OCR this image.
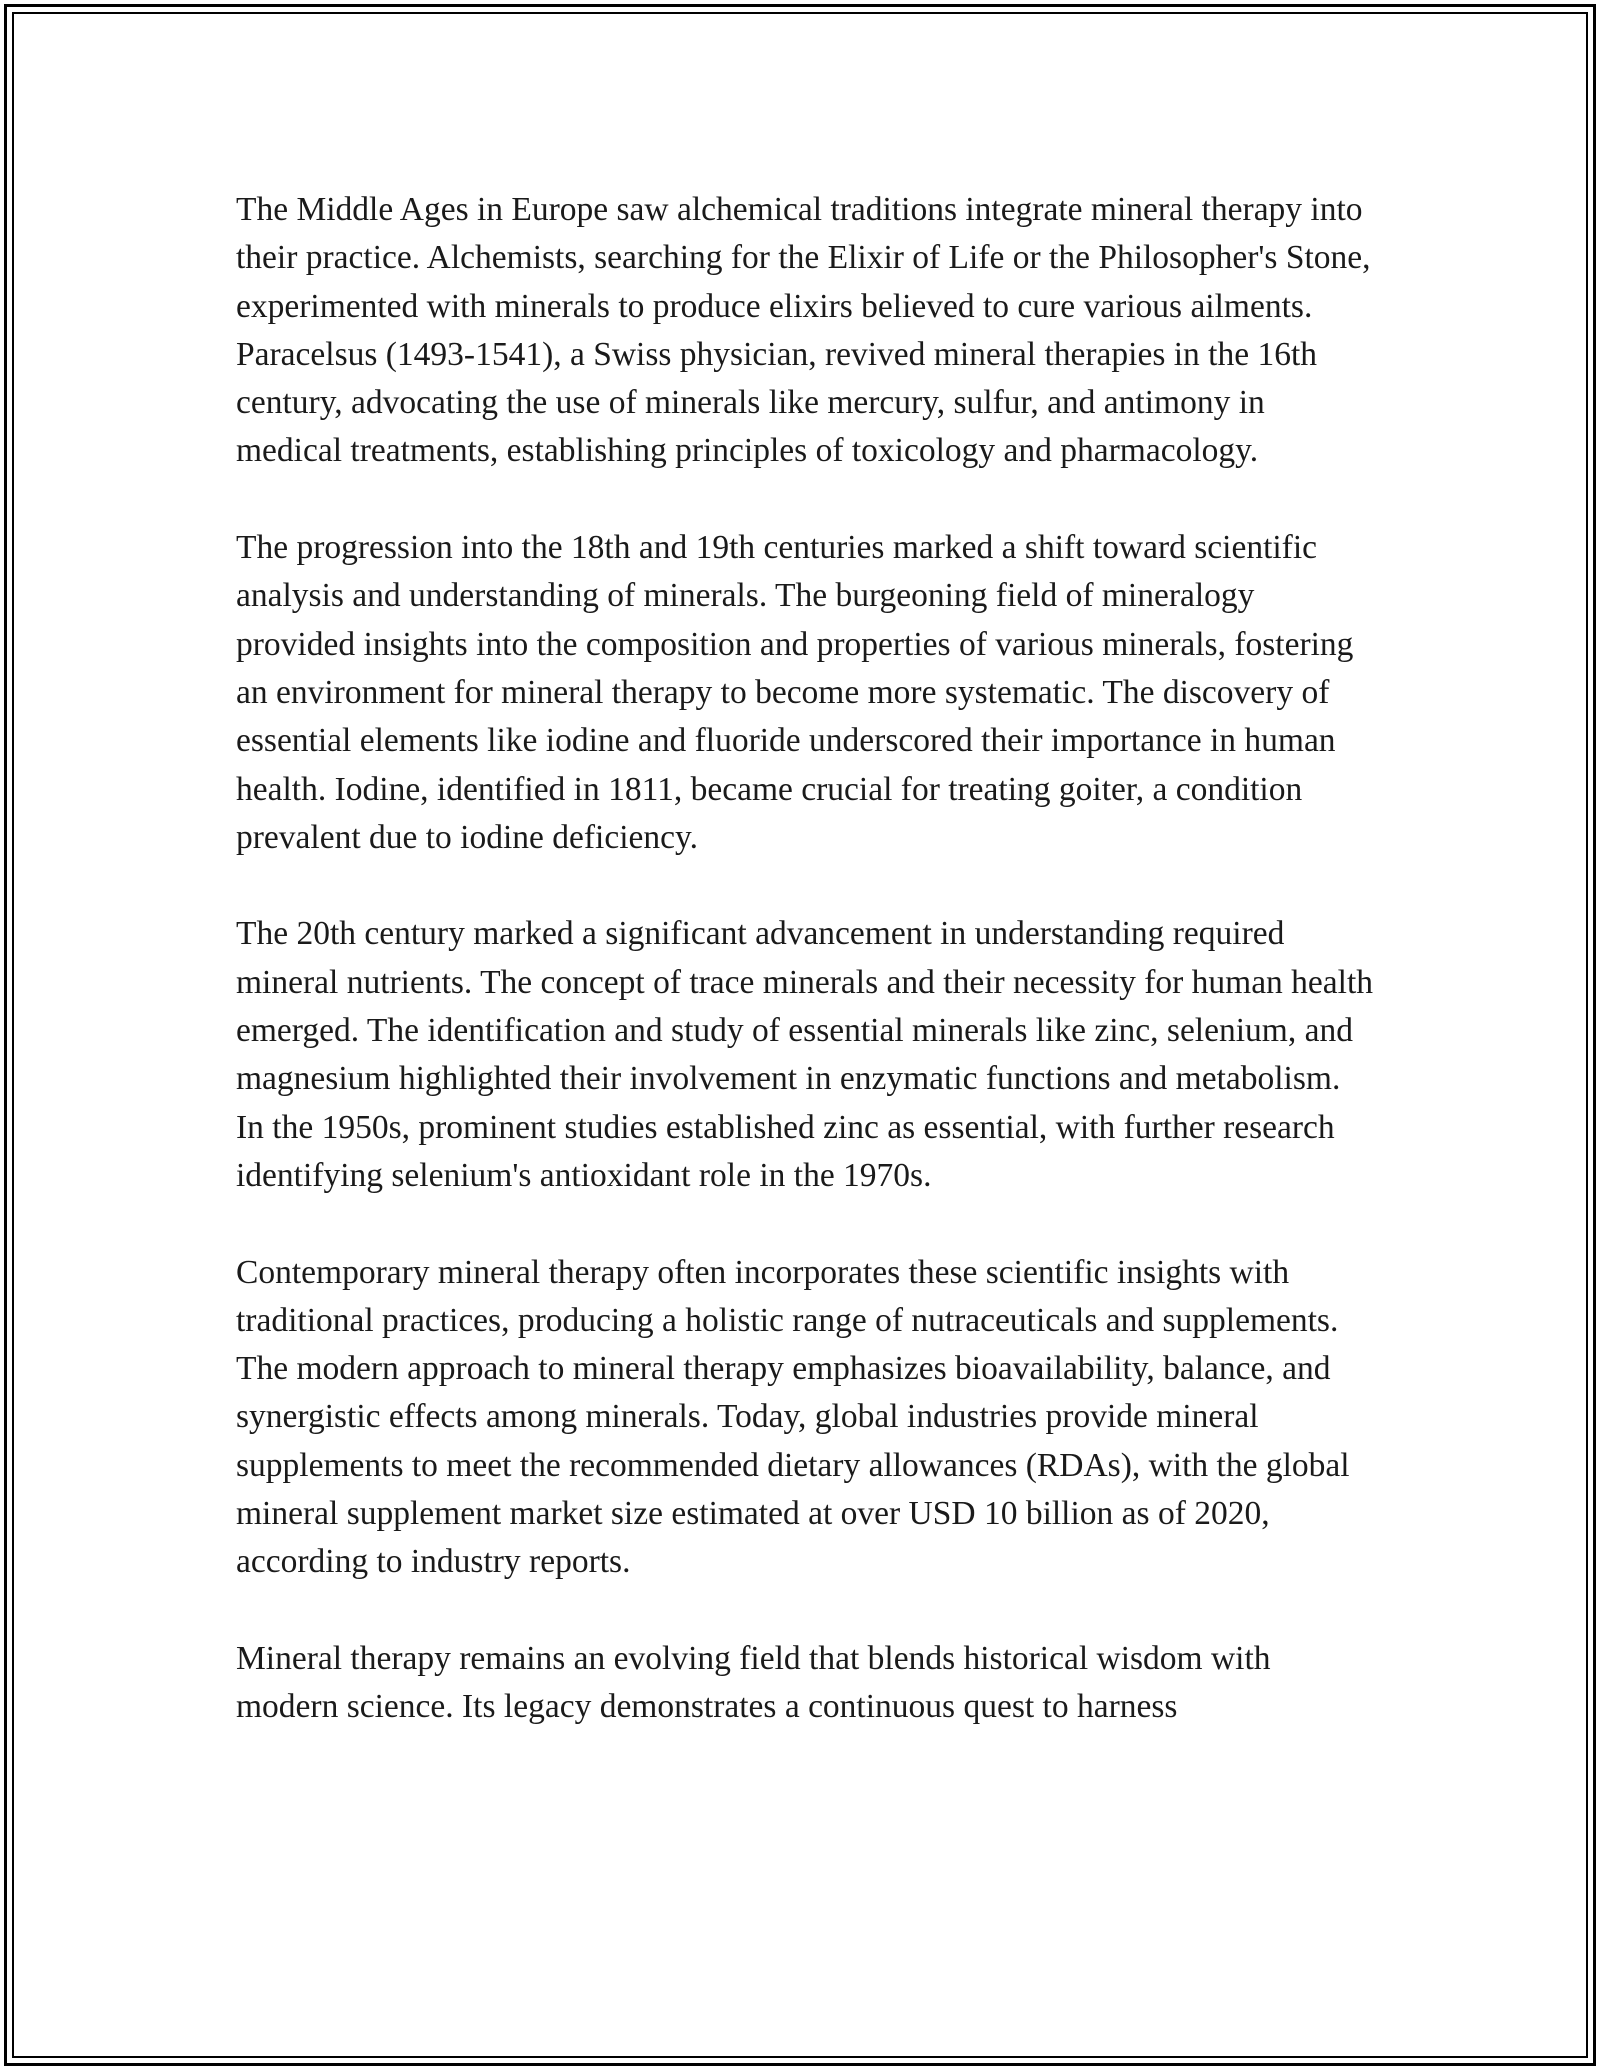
The Middle Ages in Europe saw alchemical traditions integrate mineral therapy into their practice. Alchemists, searching for the Elixir of Life or the Philosopher's Stone, experimented with minerals to produce elixirs believed to cure various ailments. Paracelsus (1493-1541), a Swiss physician, revived mineral therapies in the 16th century, advocating the use of minerals like mercury, sulfur, and antimony in medical treatments, establishing principles of toxicology and pharmacology.

The progression into the 18th and 19th centuries marked a shift toward scientific analysis and understanding of minerals. The burgeoning field of mineralogy provided insights into the composition and properties of various minerals, fostering an environment for mineral therapy to become more systematic. The discovery of essential elements like iodine and fluoride underscored their importance in human health. Iodine, identified in 1811, became crucial for treating goiter, a condition prevalent due to iodine deficiency.

The 20th century marked a significant advancement in understanding required mineral nutrients. The concept of trace minerals and their necessity for human health emerged. The identification and study of essential minerals like zinc, selenium, and magnesium highlighted their involvement in enzymatic functions and metabolism. In the 1950s, prominent studies established zinc as essential, with further research identifying selenium's antioxidant role in the 1970s.

Contemporary mineral therapy often incorporates these scientific insights with traditional practices, producing a holistic range of nutraceuticals and supplements. The modern approach to mineral therapy emphasizes bioavailability, balance, and synergistic effects among minerals. Today, global industries provide mineral supplements to meet the recommended dietary allowances (RDAs), with the global mineral supplement market size estimated at over USD 10 billion as of 2020, according to industry reports.

Mineral therapy remains an evolving field that blends historical wisdom with modern science. Its legacy demonstrates a continuous quest to harness
